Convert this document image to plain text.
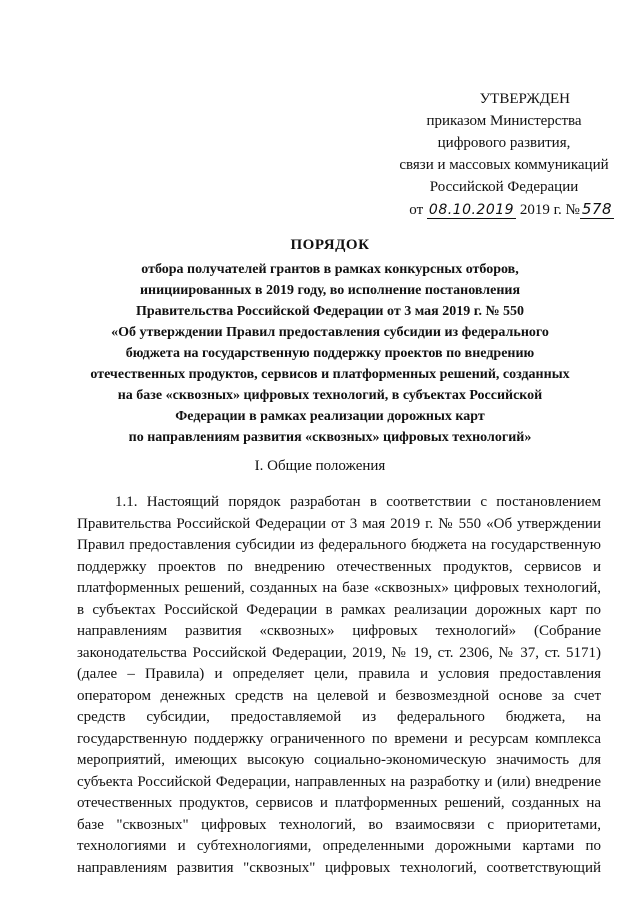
УТВЕРЖДЕН
приказом Министерства
цифрового развития,
связи и массовых коммуникаций
Российской Федерации
от 08.10.2019 2019 г. № 578
ПОРЯДОК
отбора получателей грантов в рамках конкурсных отборов,
инициированных в 2019 году, во исполнение постановления
Правительства Российской Федерации от 3 мая 2019 г. № 550
«Об утверждении Правил предоставления субсидии из федерального
бюджета на государственную поддержку проектов по внедрению
отечественных продуктов, сервисов и платформенных решений, созданных
на базе «сквозных» цифровых технологий, в субъектах Российской
Федерации в рамках реализации дорожных карт
по направлениям развития «сквозных» цифровых технологий»
I. Общие положения
1.1. Настоящий порядок разработан в соответствии с постановлением
Правительства Российской Федерации от 3 мая 2019 г. № 550 «Об утверждении
Правил предоставления субсидии из федерального бюджета на государственную
поддержку проектов по внедрению отечественных продуктов, сервисов и
платформенных решений, созданных на базе «сквозных» цифровых технологий,
в субъектах Российской Федерации в рамках реализации дорожных карт по
направлениям развития «сквозных» цифровых технологий» (Собрание
законодательства Российской Федерации, 2019, № 19, ст. 2306, № 37, ст. 5171)
(далее – Правила) и определяет цели, правила и условия предоставления
оператором денежных средств на целевой и безвозмездной основе за счет
средств субсидии, предоставляемой из федерального бюджета, на
государственную поддержку ограниченного по времени и ресурсам комплекса
мероприятий, имеющих высокую социально-экономическую значимость для
субъекта Российской Федерации, направленных на разработку и (или) внедрение
отечественных продуктов, сервисов и платформенных решений, созданных на
базе "сквозных" цифровых технологий, во взаимосвязи с приоритетами,
технологиями и субтехнологиями, определенными дорожными картами по
направлениям развития "сквозных" цифровых технологий, соответствующий
